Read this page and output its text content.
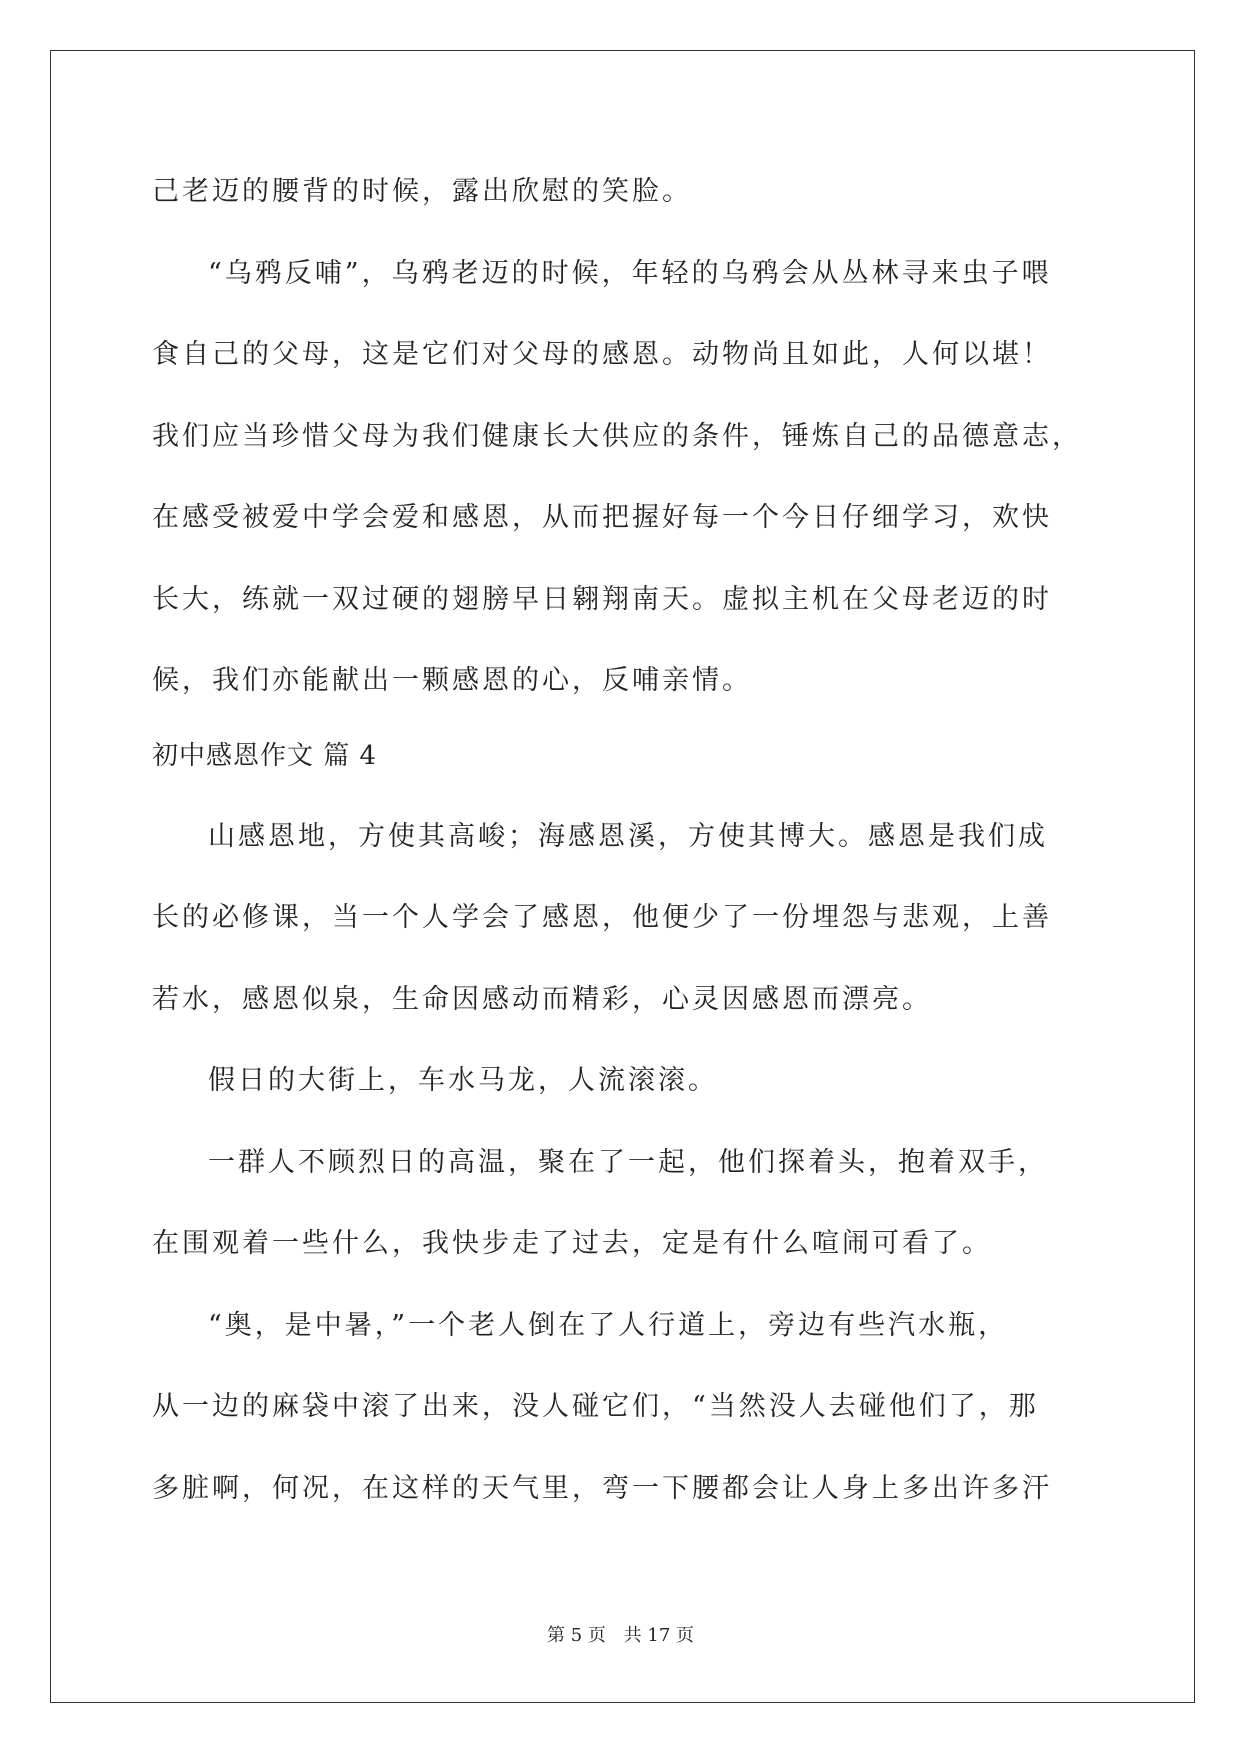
己老迈的腰背的时候，露出欣慰的笑脸。
“乌鸦反哺”，乌鸦老迈的时候，年轻的乌鸦会从丛林寻来虫子喂
食自己的父母，这是它们对父母的感恩。动物尚且如此，人何以堪！
我们应当珍惜父母为我们健康长大供应的条件，锤炼自己的品德意志，
在感受被爱中学会爱和感恩，从而把握好每一个今日仔细学习，欢快
长大，练就一双过硬的翅膀早日翱翔南天。虚拟主机在父母老迈的时
候，我们亦能献出一颗感恩的心，反哺亲情。
初中感恩作文 篇 4
山感恩地，方使其高峻；海感恩溪，方使其博大。感恩是我们成
长的必修课，当一个人学会了感恩，他便少了一份埋怨与悲观，上善
若水，感恩似泉，生命因感动而精彩，心灵因感恩而漂亮。
假日的大街上，车水马龙，人流滚滚。
一群人不顾烈日的高温，聚在了一起，他们探着头，抱着双手，
在围观着一些什么，我快步走了过去，定是有什么喧闹可看了。
“奥，是中暑，”一个老人倒在了人行道上，旁边有些汽水瓶，
从一边的麻袋中滚了出来，没人碰它们，“当然没人去碰他们了，那
多脏啊，何况，在这样的天气里，弯一下腰都会让人身上多出许多汗
第 5 页 共 17 页
